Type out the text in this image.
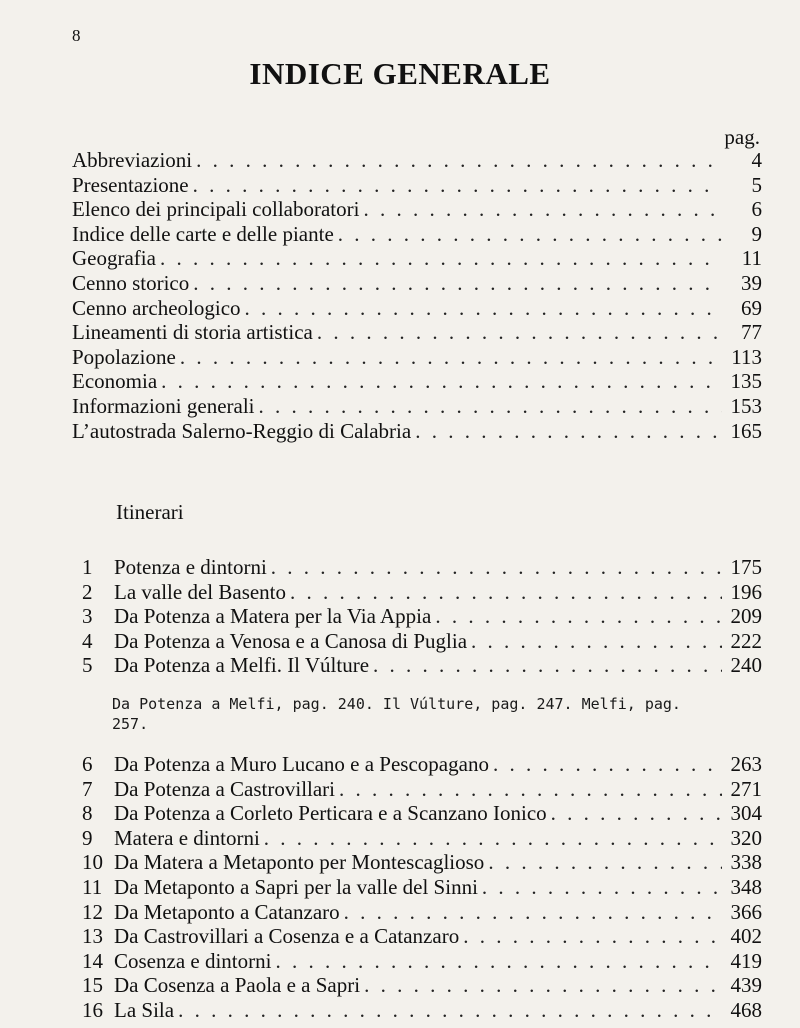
8
INDICE GENERALE
pag.
Abbreviazioni . . .	4
Presentazione . . .	5
Elenco dei principali collaboratori . . .	6
Indice delle carte e delle piante . . .	9
Geografia . . .	11
Cenno storico . . .	39
Cenno archeologico . . .	69
Lineamenti di storia artistica . . .	77
Popolazione . . .	113
Economia . . .	135
Informazioni generali . . .	153
L’autostrada Salerno-Reggio di Calabria . . .	165
Itinerari
1	Potenza e dintorni . . .	175
2	La valle del Basento . . .	196
3	Da Potenza a Matera per la Via Appia . . .	209
4	Da Potenza a Venosa e a Canosa di Puglia . . .	222
5	Da Potenza a Melfi. Il Vúlture . . .	240
Da Potenza a Melfi, pag. 240. Il Vúlture, pag. 247. Melfi, pag. 257.
6	Da Potenza a Muro Lucano e a Pescopagano . . .	263
7	Da Potenza a Castrovillari . . .	271
8	Da Potenza a Corleto Perticara e a Scanzano Ionico . . .	304
9	Matera e dintorni . . .	320
10 Da Matera a Metaponto per Montescaglioso . . .	338
11 Da Metaponto a Sapri per la valle del Sinni . . .	348
12 Da Metaponto a Catanzaro . . .	366
13 Da Castrovillari a Cosenza e a Catanzaro . . .	402
14 Cosenza e dintorni . . .	419
15 Da Cosenza a Paola e a Sapri . . .	439
16 La Sila . . .	468
